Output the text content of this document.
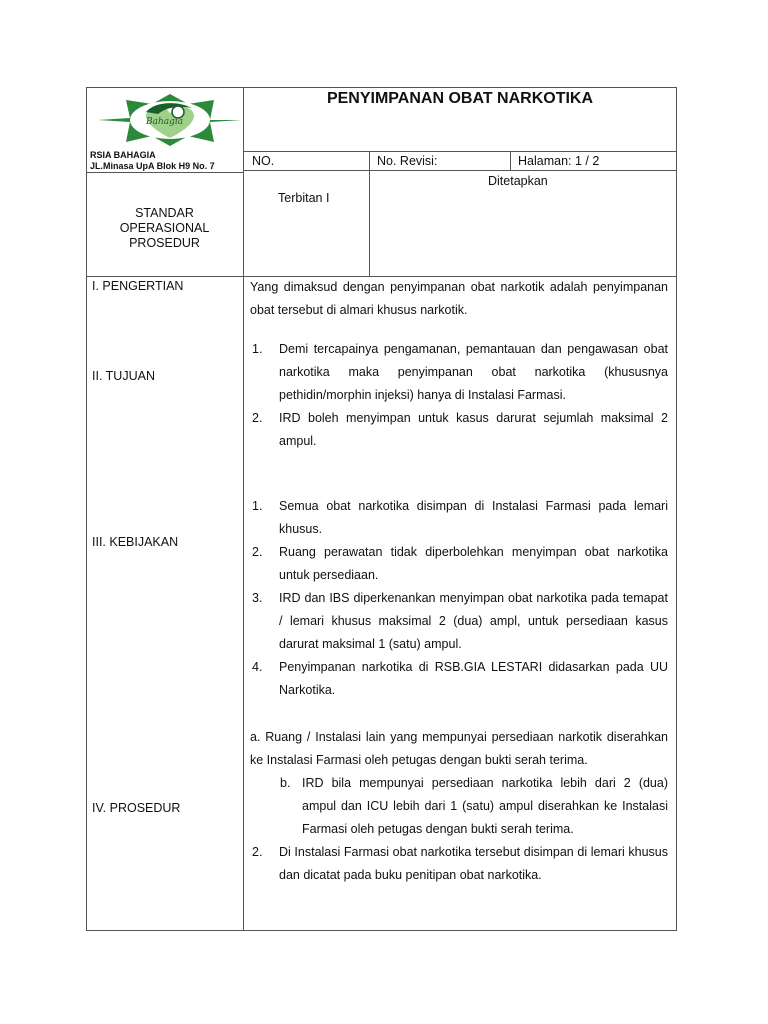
Bahagia
RSIA BAHAGIA
JL.Minasa UpA Blok H9 No. 7
PENYIMPANAN OBAT NARKOTIKA
NO.	No. Revisi:	Halaman: 1 / 2
Terbitan I
Ditetapkan
STANDAR
OPERASIONAL
PROSEDUR
I. PENGERTIAN
II. TUJUAN
III. KEBIJAKAN
IV. PROSEDUR
Yang dimaksud dengan penyimpanan obat narkotik adalah penyimpanan obat tersebut di almari khusus narkotik.
1. Demi tercapainya pengamanan, pemantauan dan pengawasan obat narkotika maka penyimpanan obat narkotika (khususnya pethidin/morphin injeksi) hanya di Instalasi Farmasi.
2. IRD boleh menyimpan untuk kasus darurat sejumlah maksimal 2 ampul.
1. Semua obat narkotika disimpan di Instalasi Farmasi pada lemari khusus.
2. Ruang perawatan tidak diperbolehkan menyimpan obat narkotika untuk persediaan.
3. IRD dan IBS diperkenankan menyimpan obat narkotika pada temapat / lemari khusus maksimal 2 (dua) ampl, untuk persediaan kasus darurat maksimal 1 (satu) ampul.
4. Penyimpanan narkotika di RSB.GIA LESTARI didasarkan pada UU Narkotika.
a. Ruang / Instalasi lain yang mempunyai persediaan narkotik diserahkan ke Instalasi Farmasi oleh petugas dengan bukti serah terima.
b. IRD bila mempunyai persediaan narkotika lebih dari 2 (dua) ampul dan ICU lebih dari 1 (satu) ampul diserahkan ke Instalasi Farmasi oleh petugas dengan bukti serah terima.
2. Di Instalasi Farmasi obat narkotika tersebut disimpan di lemari khusus dan dicatat pada buku penitipan obat narkotika.
